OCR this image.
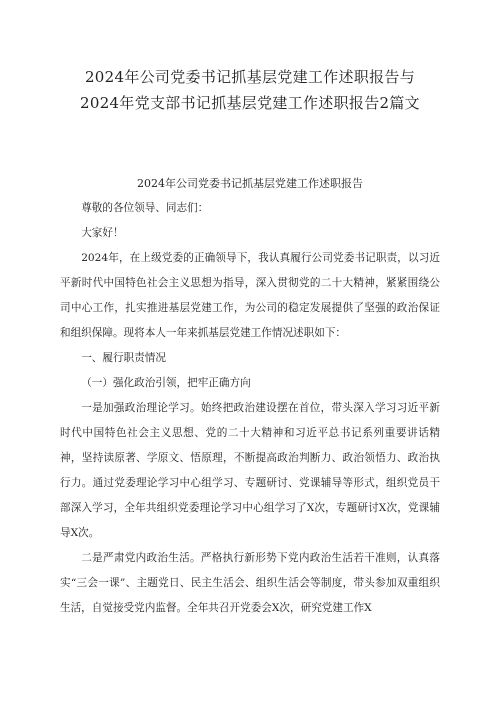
2024年公司党委书记抓基层党建工作述职报告与
2024年党支部书记抓基层党建工作述职报告2篇文
2024年公司党委书记抓基层党建工作述职报告

尊敬的各位领导、同志们：

大家好！

2024年，在上级党委的正确领导下，我认真履行公司党委书记职责，以习近平新时代中国特色社会主义思想为指导，深入贯彻党的二十大精神，紧紧围绕公司中心工作，扎实推进基层党建工作，为公司的稳定发展提供了坚强的政治保证和组织保障。现将本人一年来抓基层党建工作情况述职如下：

一、履行职责情况

（一）强化政治引领，把牢正确方向

一是加强政治理论学习。始终把政治建设摆在首位，带头深入学习习近平新时代中国特色社会主义思想、党的二十大精神和习近平总书记系列重要讲话精神，坚持读原著、学原文、悟原理，不断提高政治判断力、政治领悟力、政治执行力。通过党委理论学习中心组学习、专题研讨、党课辅导等形式，组织党员干部深入学习，全年共组织党委理论学习中心组学习了X次，专题研讨X次，党课辅导X次。

二是严肃党内政治生活。严格执行新形势下党内政治生活若干准则，认真落实“三会一课”、主题党日、民主生活会、组织生活会等制度，带头参加双重组织生活，自觉接受党内监督。全年共召开党委会X次，研究党建工作X
